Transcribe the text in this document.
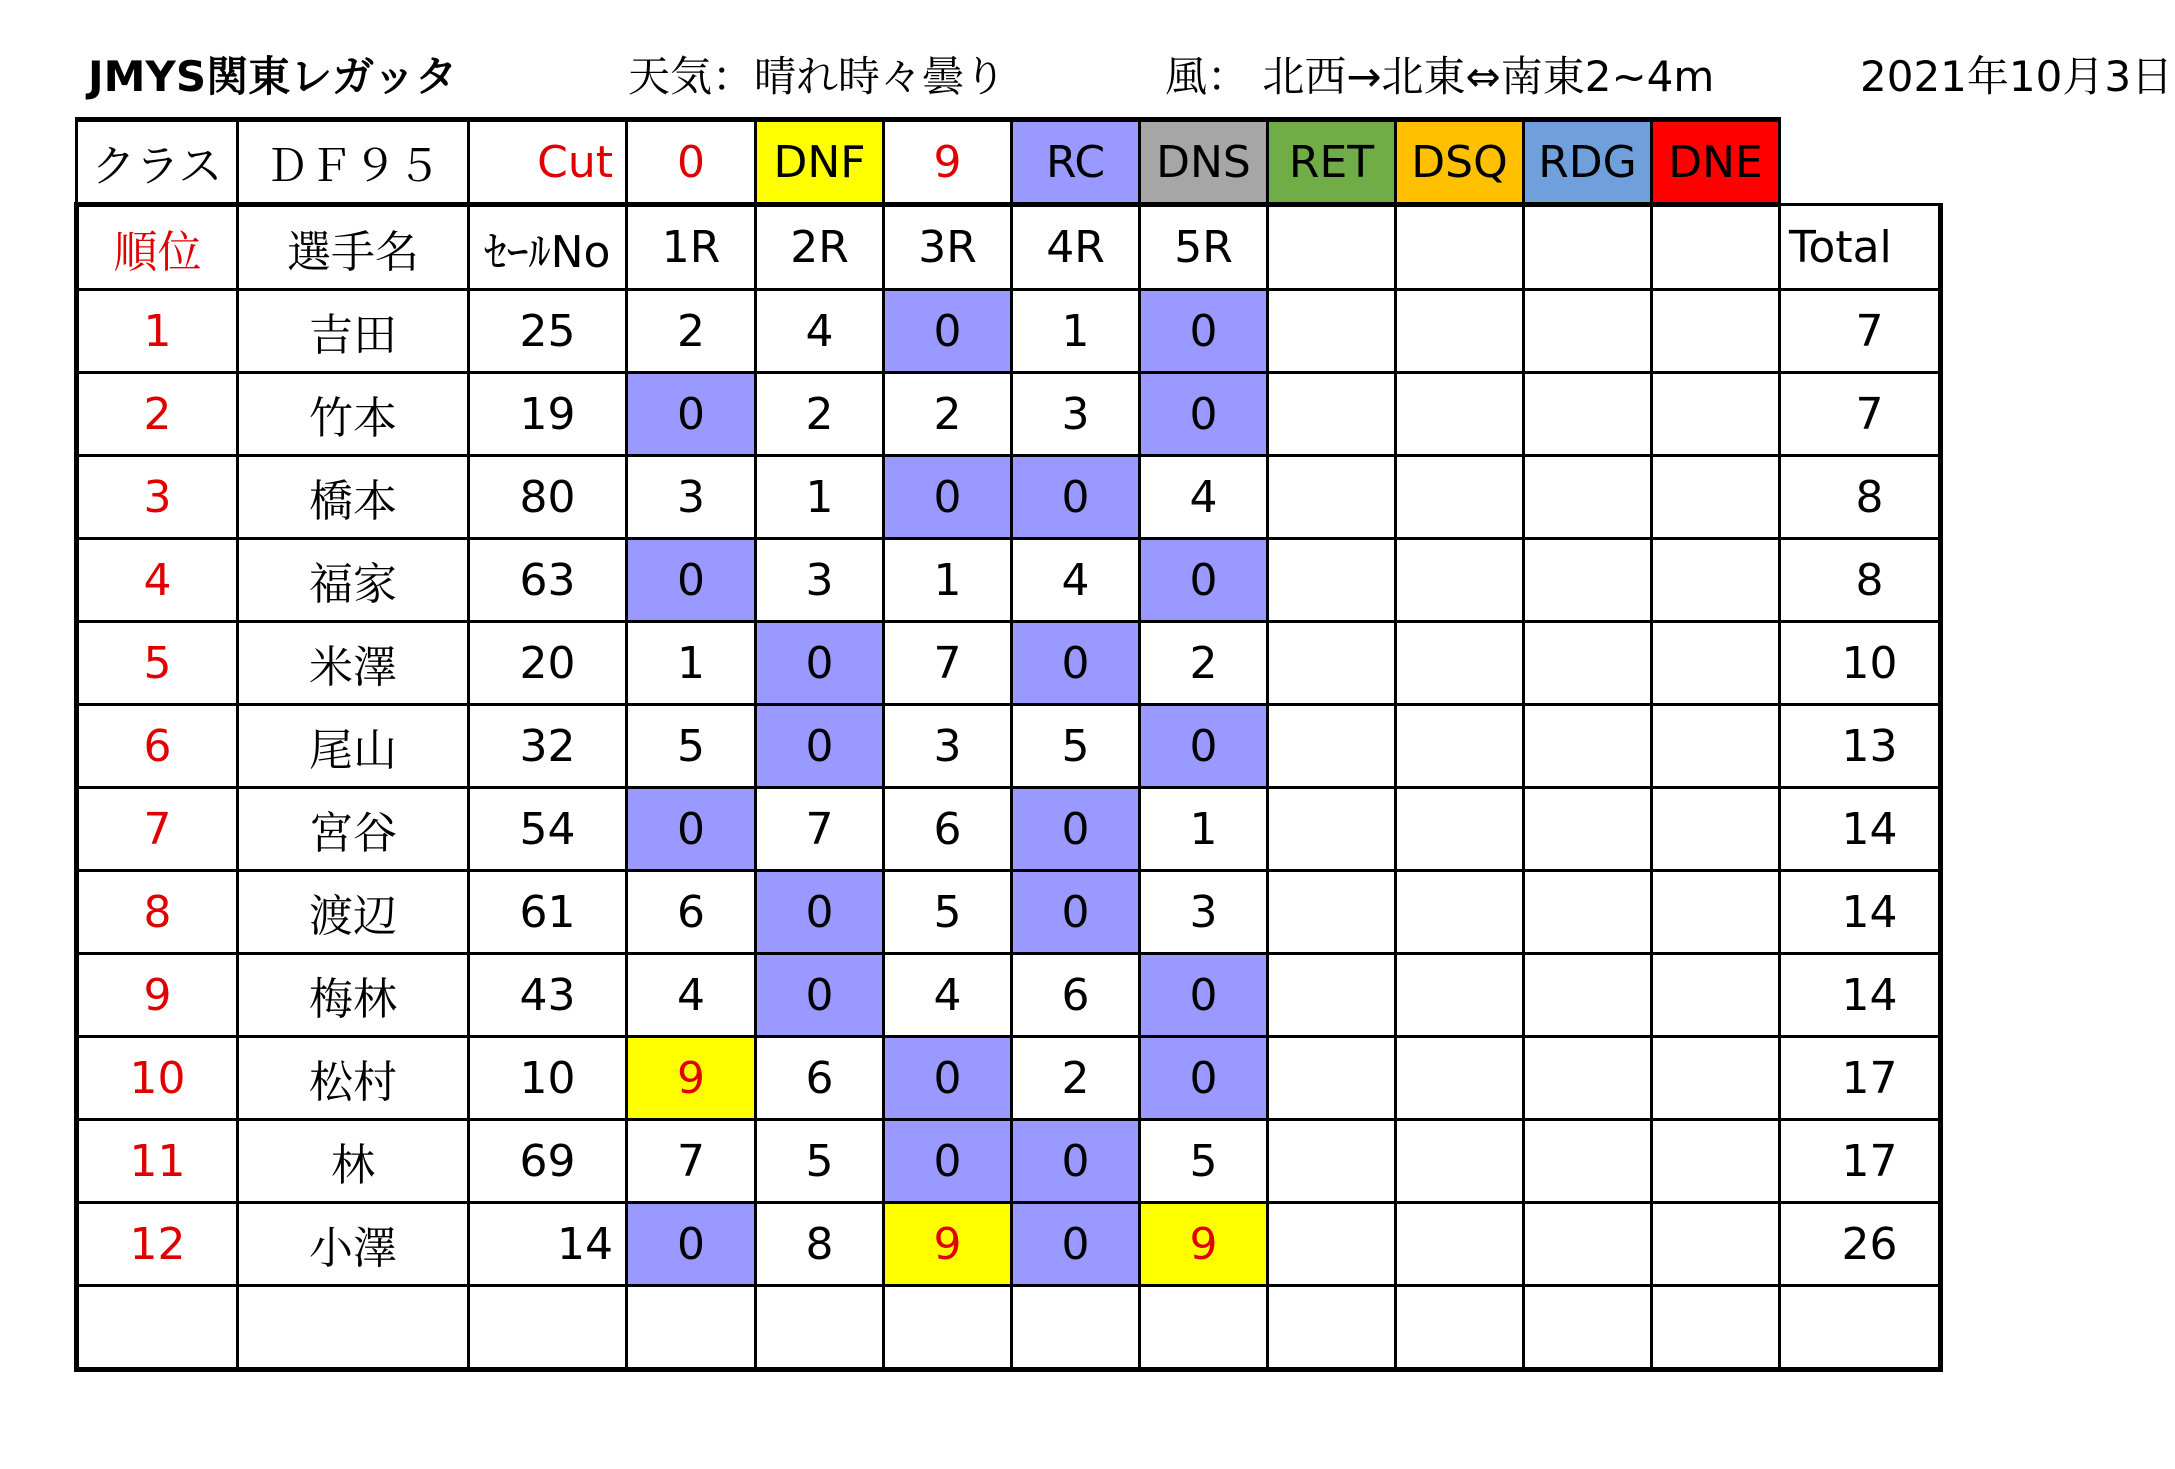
JMYS関東レガッタ	天気：晴れ時々曇り	風： 北西→北東⇔南東2~4m	2021年10月3日
クラス	ＤＦ９５	Cut	0	DNF	9	RC	DNS	RET	DSQ	RDG	DNE	
順位	選手名	ｾｰﾙNo	1R	2R	3R	4R	5R					Total
1	吉田	25	2	4	0	1	0					7
2	竹本	19	0	2	2	3	0					7
3	橋本	80	3	1	0	0	4					8
4	福家	63	0	3	1	4	0					8
5	米澤	20	1	0	7	0	2					10
6	尾山	32	5	0	3	5	0					13
7	宮谷	54	0	7	6	0	1					14
8	渡辺	61	6	0	5	0	3					14
9	梅林	43	4	0	4	6	0					14
10	松村	10	9	6	0	2	0					17
11	林	69	7	5	0	0	5					17
12	小澤	14	0	8	9	0	9					26
